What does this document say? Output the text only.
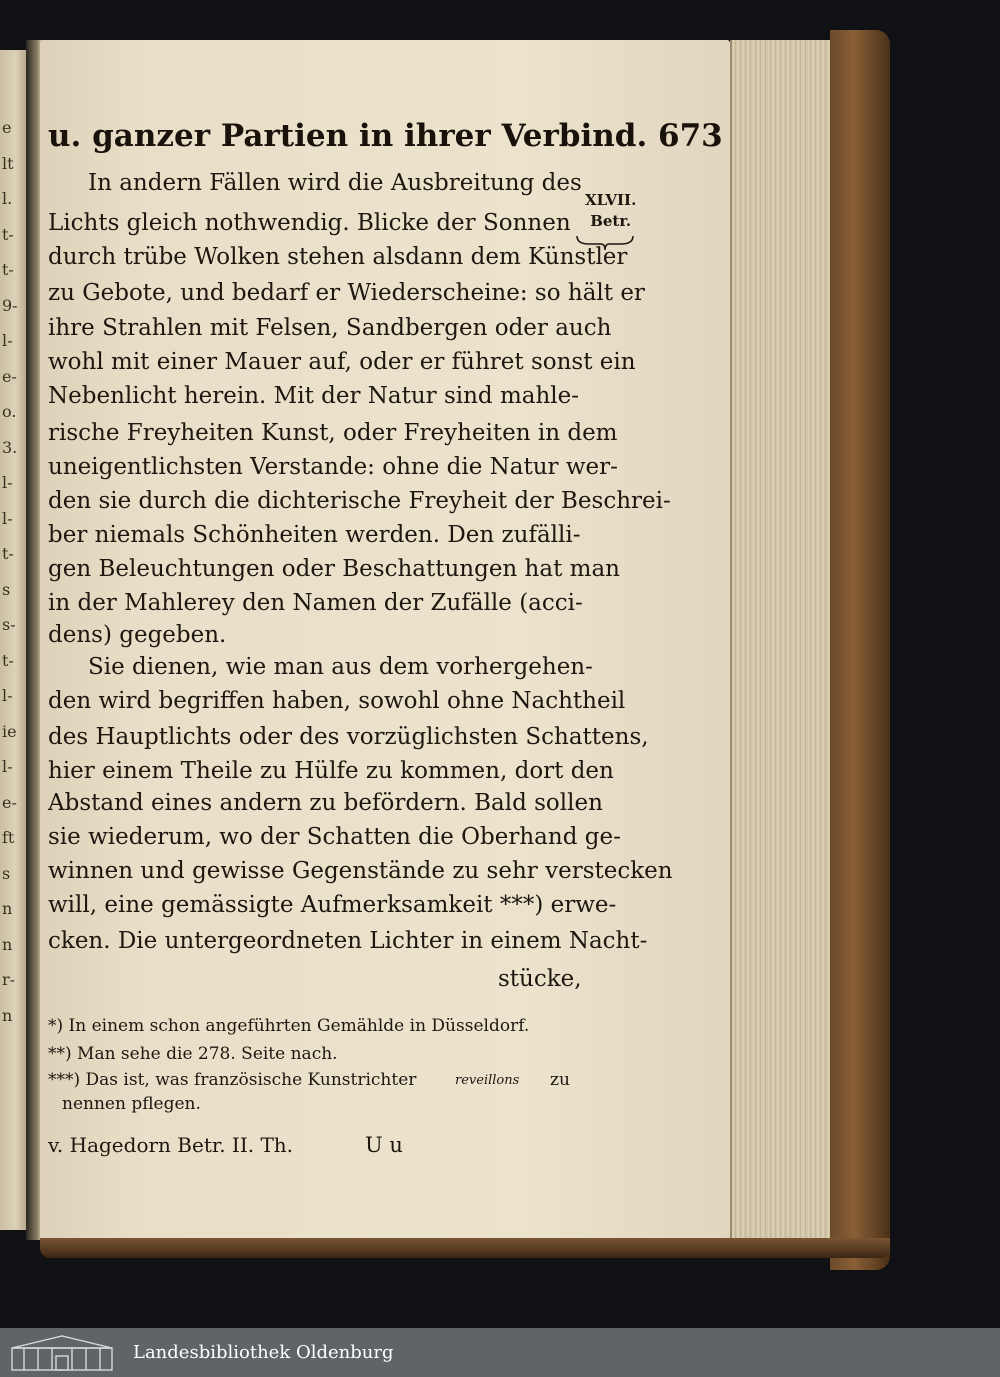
e
lt
l.
t-
t-
9-
l-
e-
o.
3.
l-
l-
t-
s
s-
t-
l-
ie
l-
e-
ft
s
n
n
r-
n
u. ganzer Partien in ihrer Verbind. 673
XLVII.
Betr.
In andern Fällen wird die Ausbreitung des
Lichts gleich nothwendig. Blicke der Sonnen
durch trübe Wolken stehen alsdann dem Künstler
zu Gebote, und bedarf er Wiederscheine: so hält er
ihre Strahlen mit Felsen, Sandbergen oder auch
wohl mit einer Mauer auf, oder er führet sonst ein
Nebenlicht herein. Mit der Natur sind mahle-
rische Freyheiten Kunst, oder Freyheiten in dem
uneigentlichsten Verstande: ohne die Natur wer-
den sie durch die dichterische Freyheit der Beschrei-
ber niemals Schönheiten werden. Den zufälli-
gen Beleuchtungen oder Beschattungen hat man
in der Mahlerey den Namen der Zufälle (acci-
dens) gegeben.
Sie dienen, wie man aus dem vorhergehen-
den wird begriffen haben, sowohl ohne Nachtheil
des Hauptlichts oder des vorzüglichsten Schattens,
hier einem Theile zu Hülfe zu kommen, dort den
Abstand eines andern zu befördern. Bald sollen
sie wiederum, wo der Schatten die Oberhand ge-
winnen und gewisse Gegenstände zu sehr verstecken
will, eine gemässigte Aufmerksamkeit ***) erwe-
cken. Die untergeordneten Lichter in einem Nacht-
stücke,
*) In einem schon angeführten Gemählde in Düsseldorf.
**) Man sehe die 278. Seite nach.
***) Das ist, was französische Kunstrichter	reveillons zu
nennen pflegen.
v. Hagedorn Betr. II. Th.	U u
Landesbibliothek Oldenburg
